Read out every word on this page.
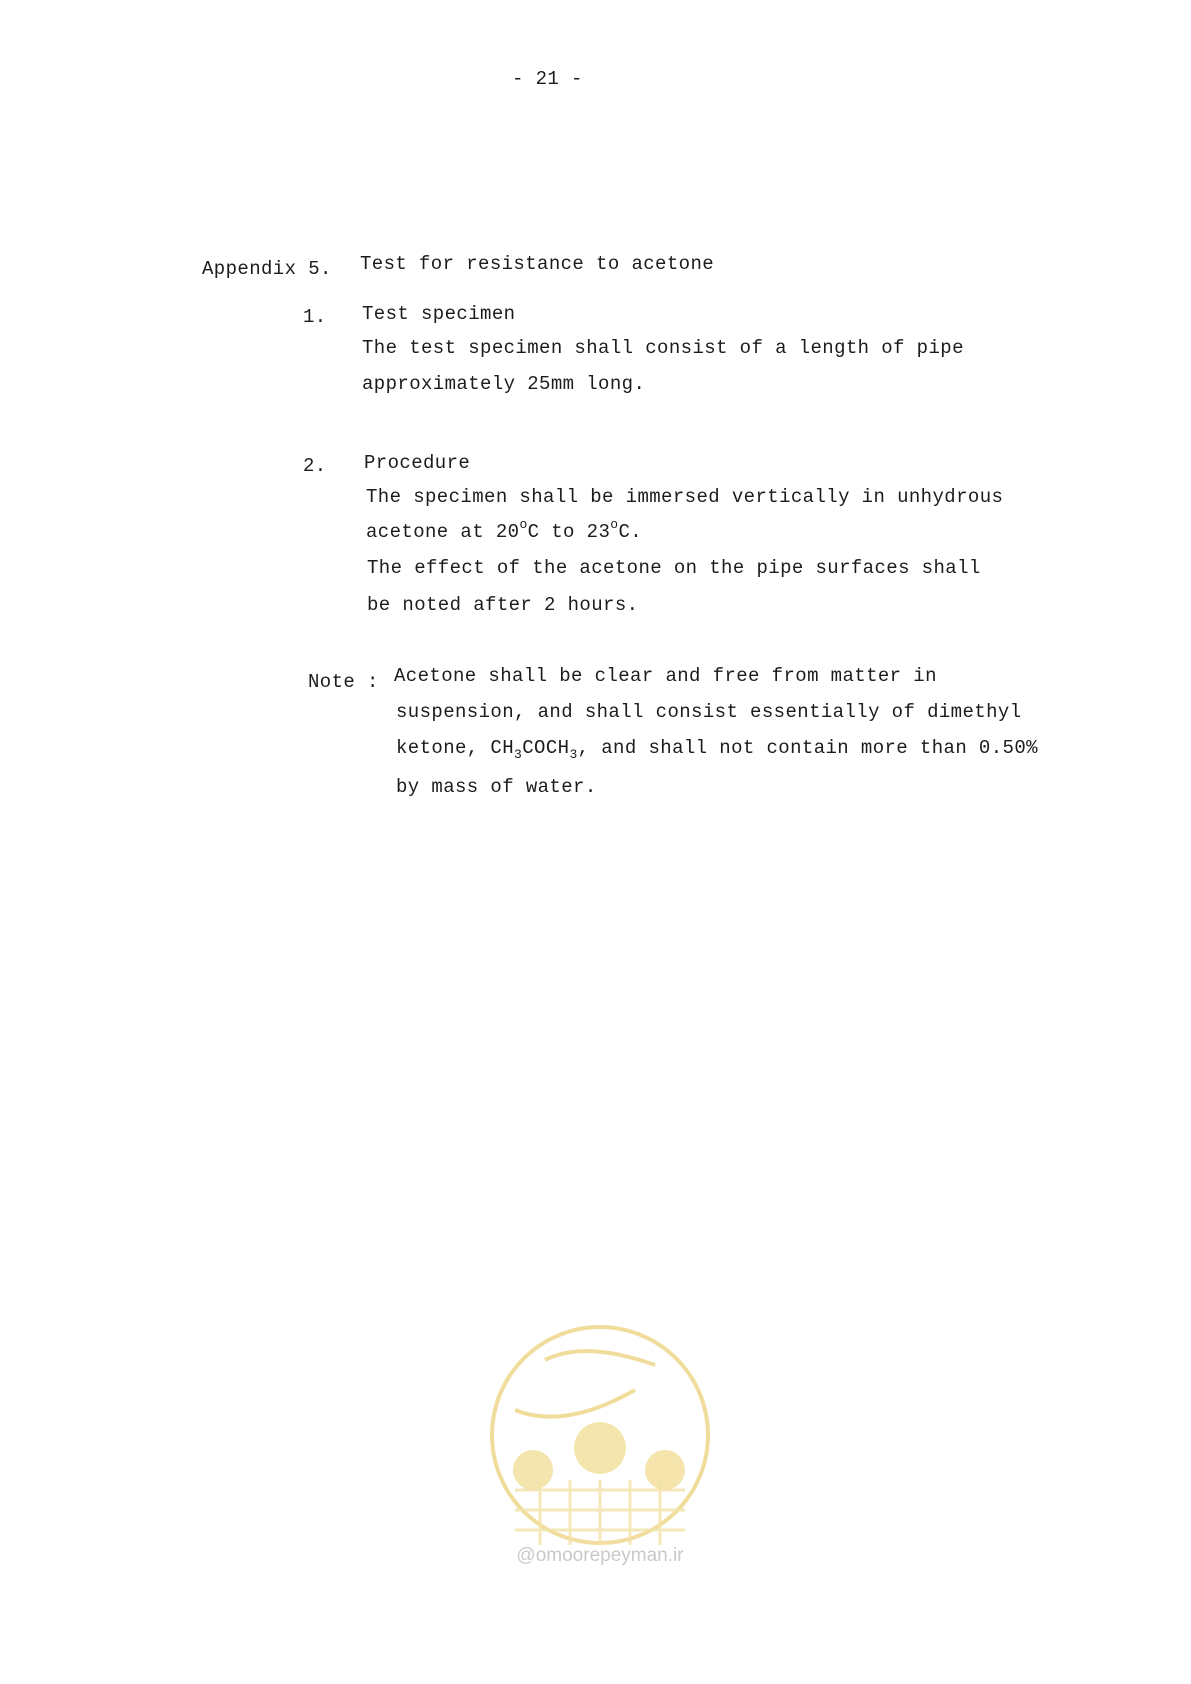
- 21 -
Appendix 5. Test for resistance to acetone
1. Test specimen
The test specimen shall consist of a length of pipe
approximately 25mm long.
2. Procedure
The specimen shall be immersed vertically in unhydrous
acetone at 20$^o$C to 23$^o$C.
The effect of the acetone on the pipe surfaces shall
be noted after 2 hours.
Note : Acetone shall be clear and free from matter in
suspension, and shall consist essentially of dimethyl
ketone, $CH_3COCH_3$, and shall not contain more than 0.50%
by mass of water.
@omoorepeyman.ir
